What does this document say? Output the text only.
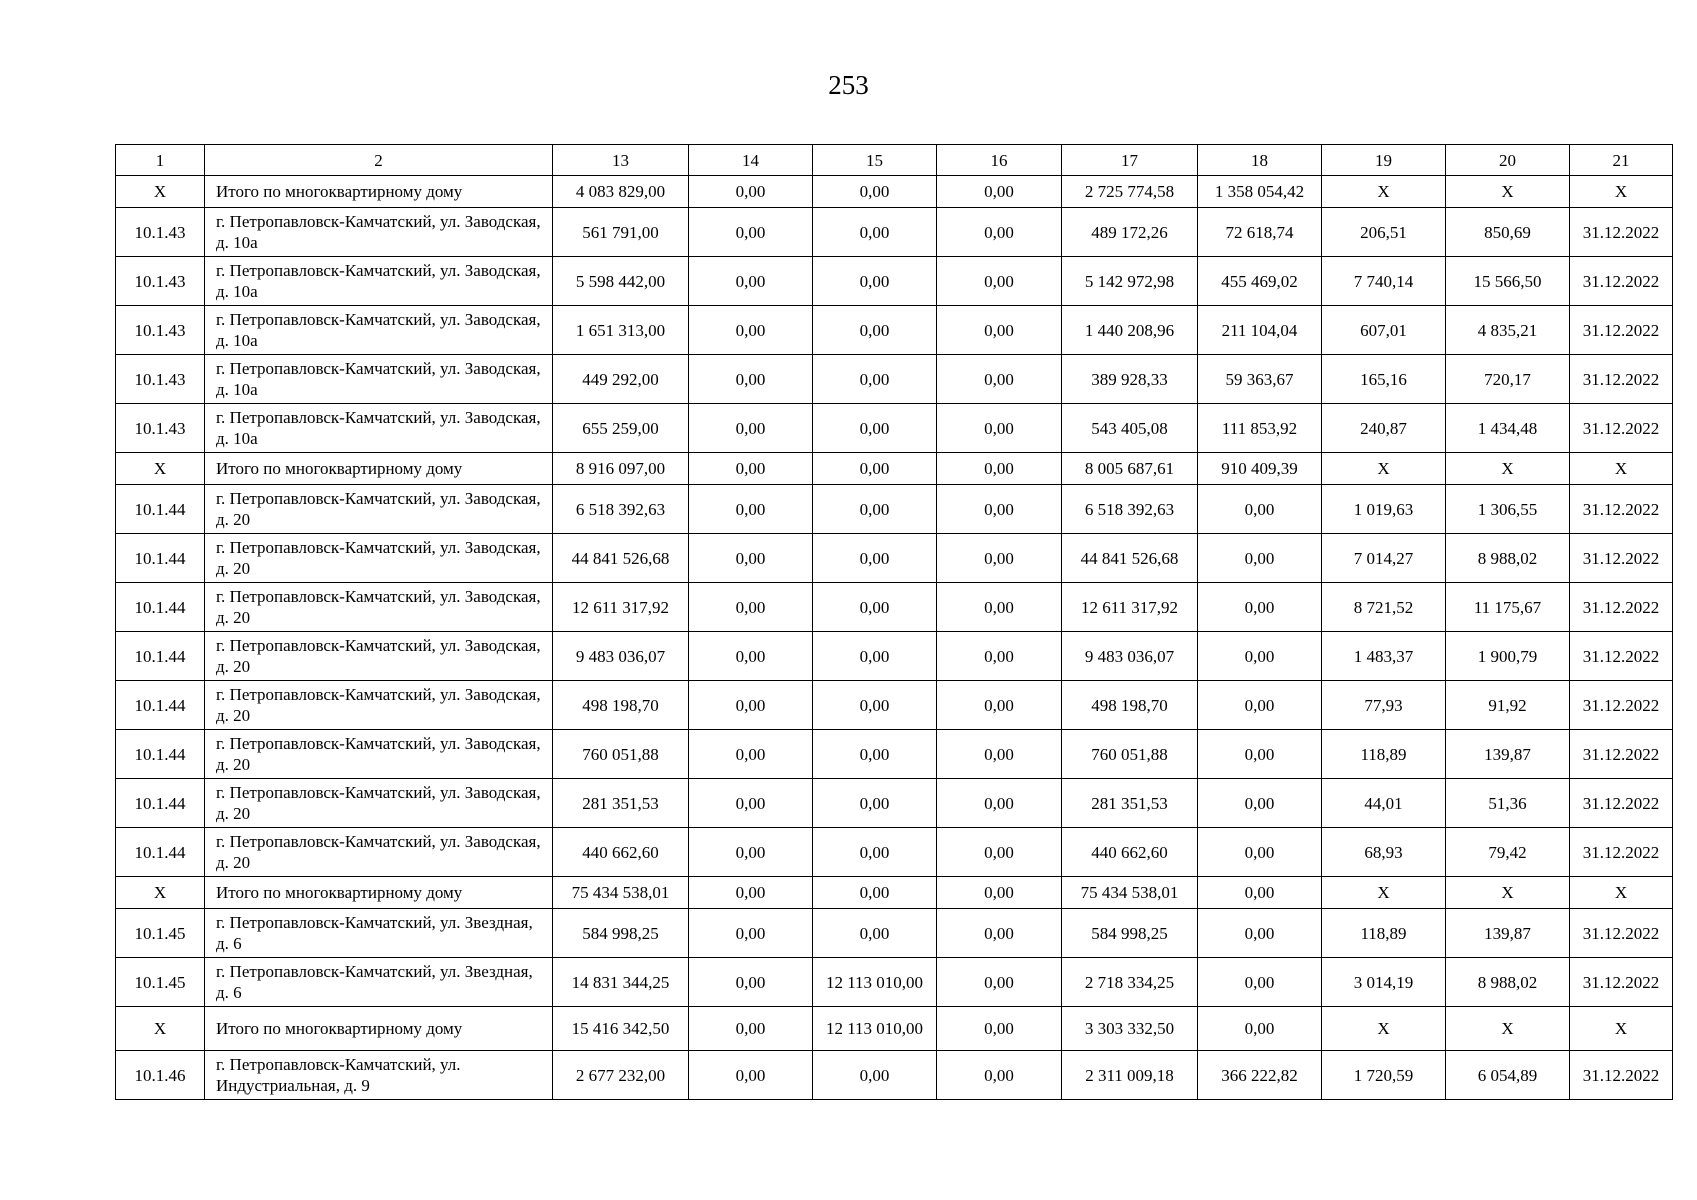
253
1	2	13	14	15	16	17	18	19	20	21
Х	Итого по многоквартирному дому	4 083 829,00	0,00	0,00	0,00	2 725 774,58	1 358 054,42	Х	Х	Х
10.1.43	г. Петропавловск-Камчатский, ул. Заводская, д. 10а	561 791,00	0,00	0,00	0,00	489 172,26	72 618,74	206,51	850,69	31.12.2022
10.1.43	г. Петропавловск-Камчатский, ул. Заводская, д. 10а	5 598 442,00	0,00	0,00	0,00	5 142 972,98	455 469,02	7 740,14	15 566,50	31.12.2022
10.1.43	г. Петропавловск-Камчатский, ул. Заводская, д. 10а	1 651 313,00	0,00	0,00	0,00	1 440 208,96	211 104,04	607,01	4 835,21	31.12.2022
10.1.43	г. Петропавловск-Камчатский, ул. Заводская, д. 10а	449 292,00	0,00	0,00	0,00	389 928,33	59 363,67	165,16	720,17	31.12.2022
10.1.43	г. Петропавловск-Камчатский, ул. Заводская, д. 10а	655 259,00	0,00	0,00	0,00	543 405,08	111 853,92	240,87	1 434,48	31.12.2022
Х	Итого по многоквартирному дому	8 916 097,00	0,00	0,00	0,00	8 005 687,61	910 409,39	Х	Х	Х
10.1.44	г. Петропавловск-Камчатский, ул. Заводская, д. 20	6 518 392,63	0,00	0,00	0,00	6 518 392,63	0,00	1 019,63	1 306,55	31.12.2022
10.1.44	г. Петропавловск-Камчатский, ул. Заводская, д. 20	44 841 526,68	0,00	0,00	0,00	44 841 526,68	0,00	7 014,27	8 988,02	31.12.2022
10.1.44	г. Петропавловск-Камчатский, ул. Заводская, д. 20	12 611 317,92	0,00	0,00	0,00	12 611 317,92	0,00	8 721,52	11 175,67	31.12.2022
10.1.44	г. Петропавловск-Камчатский, ул. Заводская, д. 20	9 483 036,07	0,00	0,00	0,00	9 483 036,07	0,00	1 483,37	1 900,79	31.12.2022
10.1.44	г. Петропавловск-Камчатский, ул. Заводская, д. 20	498 198,70	0,00	0,00	0,00	498 198,70	0,00	77,93	91,92	31.12.2022
10.1.44	г. Петропавловск-Камчатский, ул. Заводская, д. 20	760 051,88	0,00	0,00	0,00	760 051,88	0,00	118,89	139,87	31.12.2022
10.1.44	г. Петропавловск-Камчатский, ул. Заводская, д. 20	281 351,53	0,00	0,00	0,00	281 351,53	0,00	44,01	51,36	31.12.2022
10.1.44	г. Петропавловск-Камчатский, ул. Заводская, д. 20	440 662,60	0,00	0,00	0,00	440 662,60	0,00	68,93	79,42	31.12.2022
Х	Итого по многоквартирному дому	75 434 538,01	0,00	0,00	0,00	75 434 538,01	0,00	Х	Х	Х
10.1.45	г. Петропавловск-Камчатский, ул. Звездная, д. 6	584 998,25	0,00	0,00	0,00	584 998,25	0,00	118,89	139,87	31.12.2022
10.1.45	г. Петропавловск-Камчатский, ул. Звездная, д. 6	14 831 344,25	0,00	12 113 010,00	0,00	2 718 334,25	0,00	3 014,19	8 988,02	31.12.2022
Х	Итого по многоквартирному дому	15 416 342,50	0,00	12 113 010,00	0,00	3 303 332,50	0,00	Х	Х	Х
10.1.46	г. Петропавловск-Камчатский, ул. Индустриальная, д. 9	2 677 232,00	0,00	0,00	0,00	2 311 009,18	366 222,82	1 720,59	6 054,89	31.12.2022
